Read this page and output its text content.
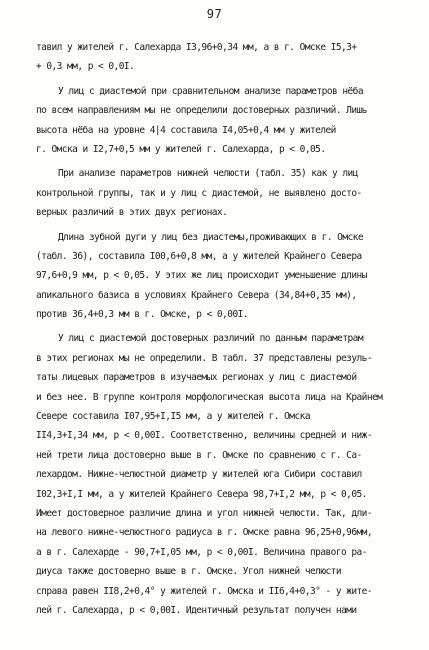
97
тавил у жителей г. Салехарда I3,96+0,34 мм, а в г. Омске I5,3+
+ 0,3 мм, р < 0,0I.
У лиц с диастемой при сравнительном анализе параметров нёба
по всем направлениям мы не определили достоверных различий. Лишь
высота нёба на уровне 4|4 составила I4,05+0,4 мм у жителей
г. Омска и I2,7+0,5 мм у жителей г. Салехарда, р < 0,05.
При анализе параметров нижней челюсти (табл. 35) как у лиц
контрольной группы, так и у лиц с диастемой, не выявлено досто-
верных различий в этих двух регионах.
Длина зубной дуги у лиц без диастемы,проживающих в г. Омске
(табл. 36), составила I00,6+0,8 мм, а у жителей Крайнего Севера
97,6+0,9 мм, р < 0,05. У этих же лиц происходит уменьшение длины
апикального базиса в условиях Крайнего Севера (34,84+0,35 мм),
против 36,4+0,3 мм в г. Омске, р < 0,00I.
У лиц с диастемой достоверных различий по данным параметрам
в этих регионах мы не определили. В табл. 37 представлены резуль-
таты лицевых параметров в изучаемых регионах у лиц с диастемой
и без нее. В группе контроля морфологическая высота лица на Крайнем
Севере составила I07,95+I,I5 мм, а у жителей г. Омска
II4,3+I,34 мм, р < 0,00I. Соответственно, величины средней и ниж-
ней трети лица достоверно выше в г. Омске по сравнению с г. Са-
лехардом. Нижне-челюстной диаметр у жителей юга Сибири составил
I02,3+I,I мм, а у жителей Крайнего Севера 98,7+I,2 мм, р < 0,05.
Имеет достоверное различие длина и угол нижней челюсти. Так, дли-
на левого нижне-челюстного радиуса в г. Омске равна 96,25+0,96мм,
а в г. Салехарде - 90,7+I,05 мм, р < 0,00I. Величина правого ра-
диуса также достоверно выше в г. Омске. Угол нижней челюсти
справа равен II8,2+0,4° у жителей г. Омска и II6,4+0,3° - у жите-
лей г. Салехарда, р < 0,00I. Идентичный результат получен нами
